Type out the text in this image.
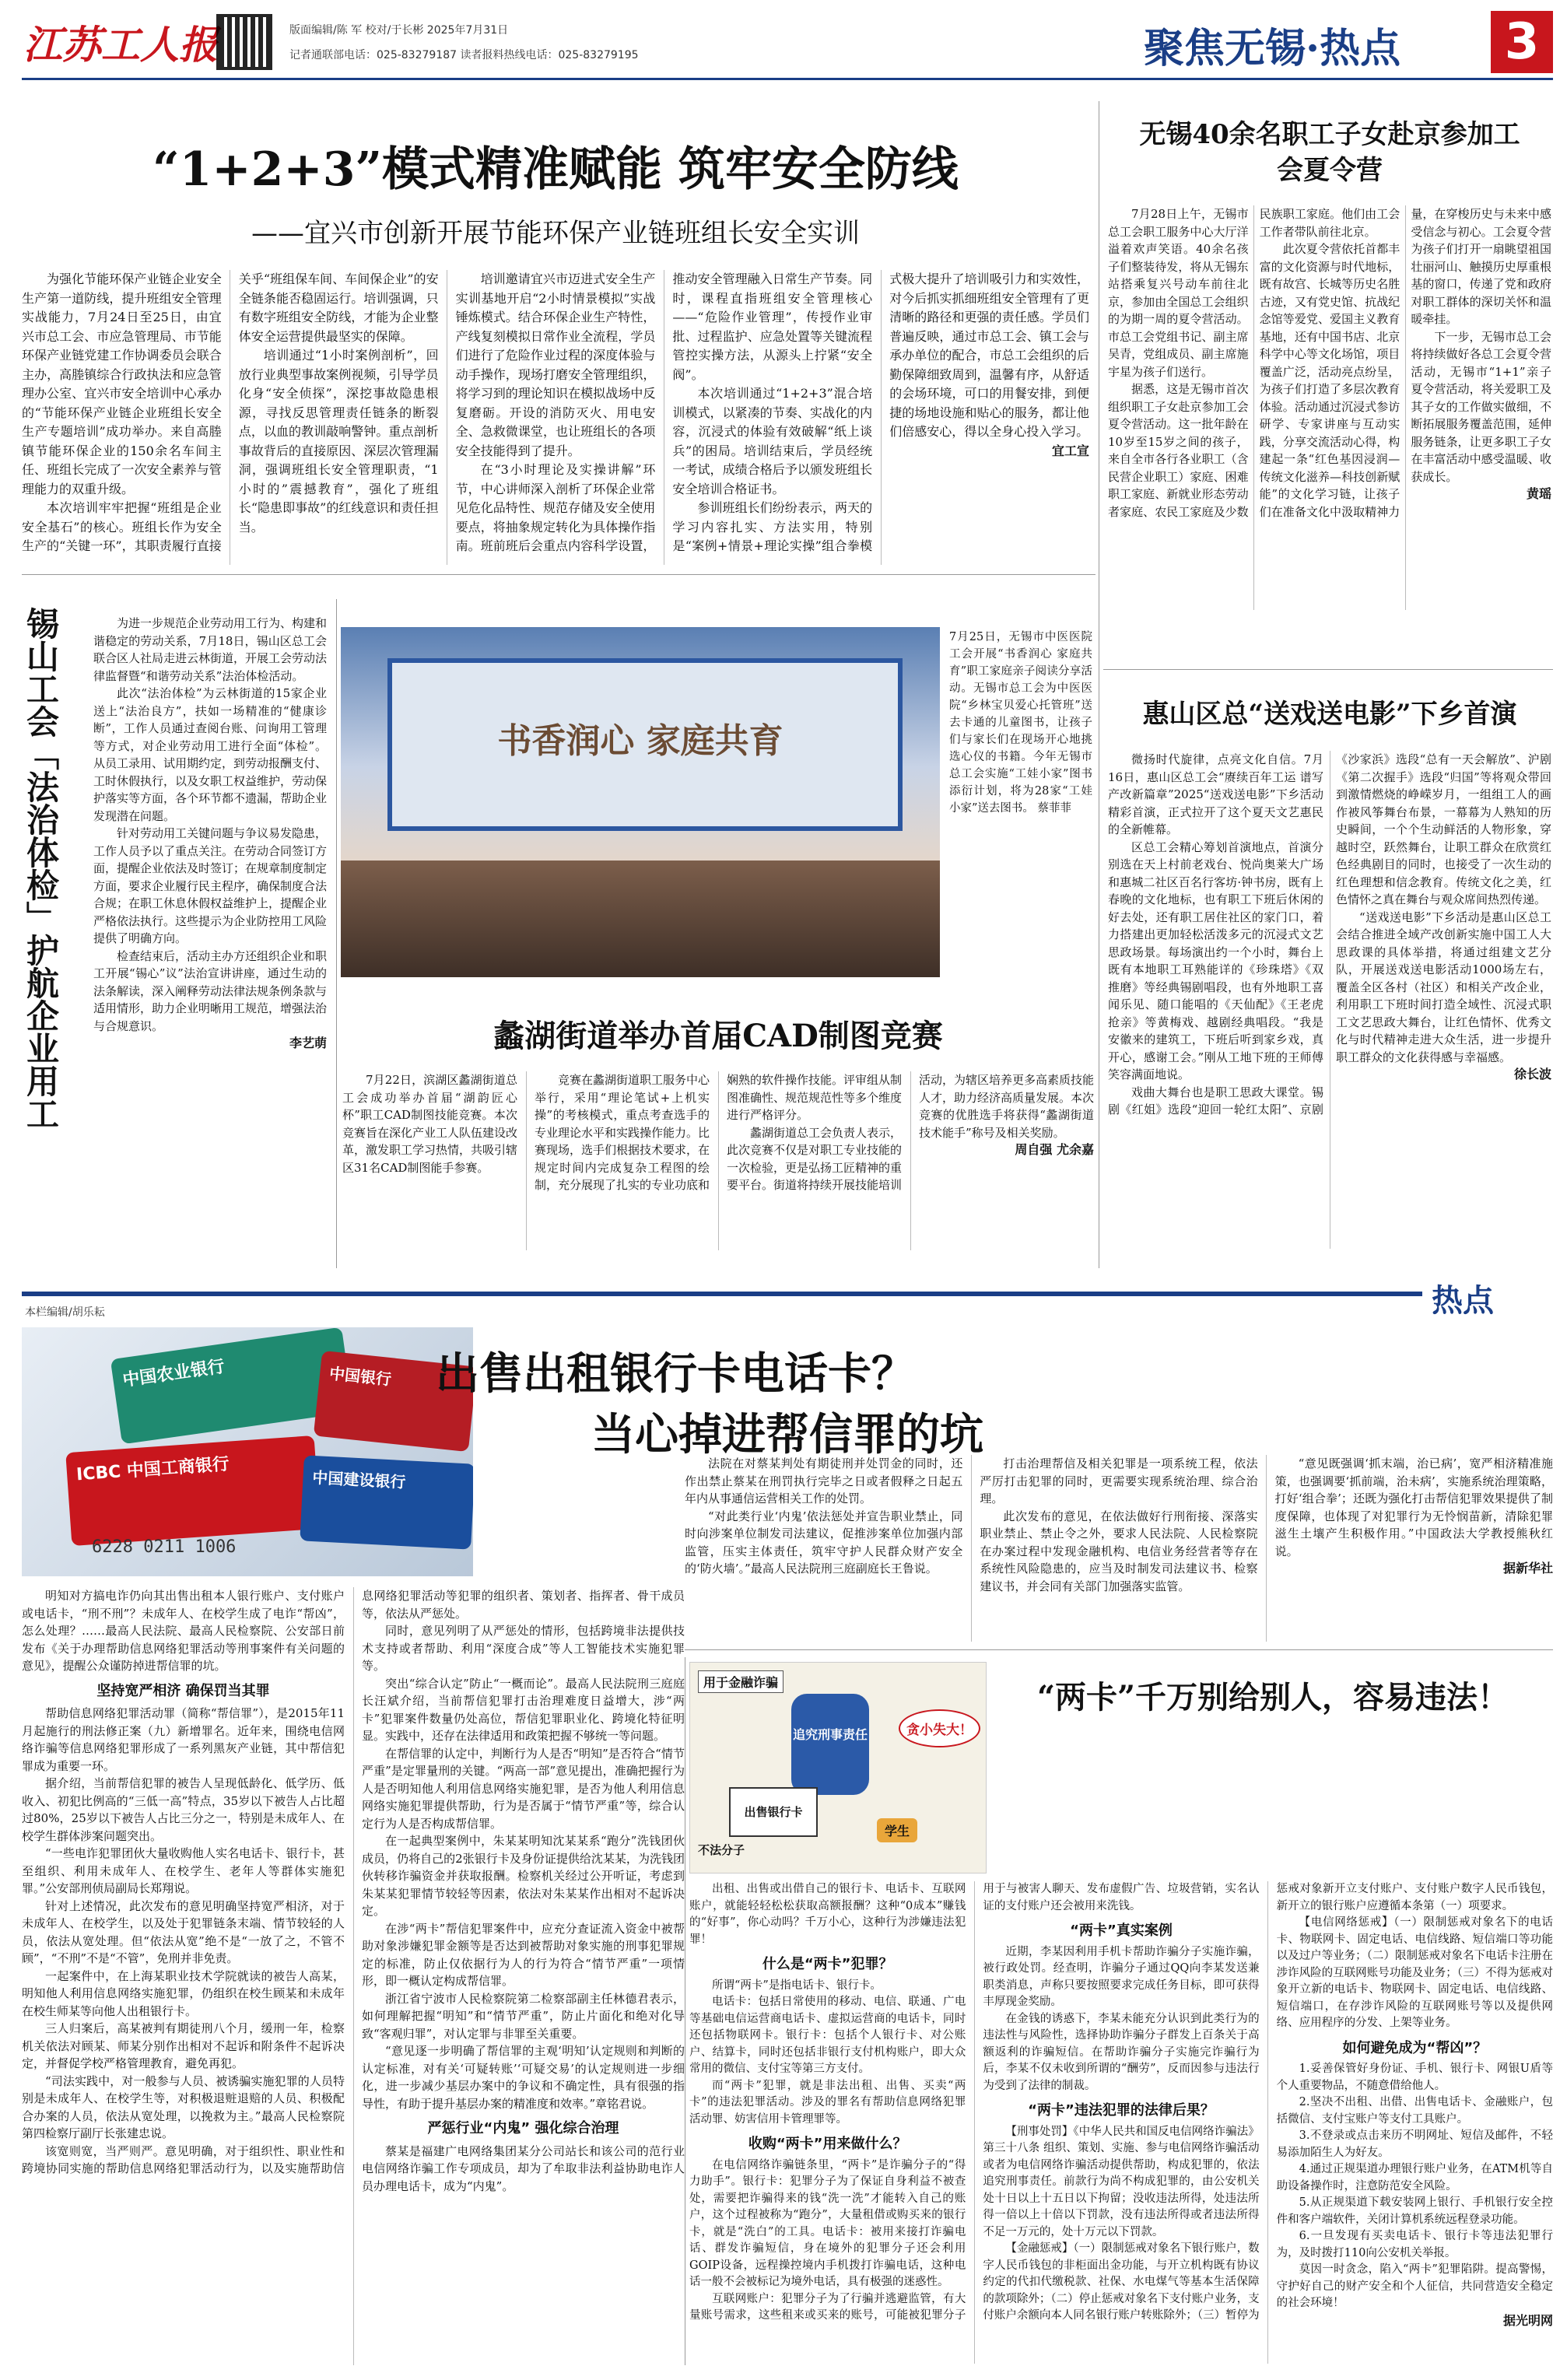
江苏工人报	版面编辑/陈 军 校对/于长彬 2025年7月31日
记者通联部电话：025-83279187 读者报料热线电话：025-83279195	聚焦无锡·热点 3
“1+2+3”模式精准赋能 筑牢安全防线
——宜兴市创新开展节能环保产业链班组长安全实训

为强化节能环保产业链企业安全生产第一道防线，提升班组安全管理实战能力，7月24日至25日，由宜兴市总工会、市应急管理局、市节能环保产业链党建工作协调委员会联合主办，高塍镇综合行政执法和应急管理办公室、宜兴市安全培训中心承办的“节能环保产业链企业班组长安全生产专题培训”成功举办。来自高塍镇节能环保企业的150余名车间主任、班组长完成了一次安全素养与管理能力的双重升级。

本次培训牢牢把握“班组是企业安全基石”的核心。班组长作为安全生产的“关键一环”，其职责履行直接关乎“班组保车间、车间保企业”的安全链条能否稳固运行。培训强调，只有数字班组安全防线，才能为企业整体安全运营提供最坚实的保障。

培训通过“1小时案例剖析”，回放行业典型事故案例视频，引导学员化身“安全侦探”，深挖事故隐患根源，寻找反思管理责任链条的断裂点，以血的教训敲响警钟。重点剖析事故背后的直接原因、深层次管理漏洞，强调班组长安全管理职责，“1小时的”震撼教育”，强化了班组长“隐患即事故”的红线意识和责任担当。

培训邀请宜兴市迈进式安全生产实训基地开启“2小时情景模拟”实战锤炼模式。结合环保企业生产特性，产线复刻模拟日常作业全流程，学员们进行了危险作业过程的深度体验与动手操作，现场打磨安全管理组织，将学习到的理论知识在模拟战场中反复磨砺。开设的消防灭火、用电安全、急救微课堂，也让班组长的各项安全技能得到了提升。

在“3小时理论及实操讲解”环节，中心讲师深入剖析了环保企业常见危化品特性、规范存储及安全使用要点，将抽象规定转化为具体操作指南。班前班后会重点内容科学设置，推动安全管理融入日常生产节奏。同时，课程直指班组安全管理核心——“危险作业管理”，传授作业审批、过程监护、应急处置等关键流程管控实操方法，从源头上拧紧“安全阀”。

本次培训通过“1+2+3”混合培训模式，以紧凑的节奏、实战化的内容，沉浸式的体验有效破解“纸上谈兵”的困局。培训结束后，学员经统一考试，成绩合格后予以颁发班组长安全培训合格证书。

参训班组长们纷纷表示，两天的学习内容扎实、方法实用，特别是“案例+情景+理论实操”组合拳模式极大提升了培训吸引力和实效性，对今后抓实抓细班组安全管理有了更清晰的路径和更强的责任感。学员们普遍反映，通过市总工会、镇工会与承办单位的配合，市总工会组织的后勤保障细致周到，温馨有序，从舒适的会场环境，可口的用餐安排，到便捷的场地设施和贴心的服务，都让他们倍感安心，得以全身心投入学习。

宜工宣
无锡40余名职工子女赴京参加工会夏令营

7月28日上午，无锡市总工会职工服务中心大厅洋溢着欢声笑语。40余名孩子们整装待发，将从无锡东站搭乘复兴号动车前往北京，参加由全国总工会组织的为期一周的夏令营活动。市总工会党组书记、副主席吴青，党组成员、副主席施宇星为孩子们送行。

据悉，这是无锡市首次组织职工子女赴京参加工会夏令营活动。这一批年龄在10岁至15岁之间的孩子，来自全市各行各业职工（含民营企业职工）家庭、困难职工家庭、新就业形态劳动者家庭、农民工家庭及少数民族职工家庭。他们由工会工作者带队前往北京。

此次夏令营依托首都丰富的文化资源与时代地标，既有故宫、长城等历史名胜古迹，又有党史馆、抗战纪念馆等爱党、爱国主义教育基地，还有中国书店、北京科学中心等文化场馆，项目覆盖广泛，活动亮点纷呈，为孩子们打造了多层次教育体验。活动通过沉浸式参访研学、专家讲座与互动实践，分享交流活动心得，构建起一条“红色基因浸润—传统文化滋养—科技创新赋能”的文化学习链，让孩子们在准备文化中汲取精神力量，在穿梭历史与未来中感受信念与初心。工会夏令营为孩子们打开一扇眺望祖国壮丽河山、触摸历史厚重根基的窗口，传递了党和政府对职工群体的深切关怀和温暖牵挂。

下一步，无锡市总工会将持续做好各总工会夏令营活动，无锡市“1+1”亲子夏令营活动，将关爱职工及其子女的工作做实做细，不断拓展服务覆盖范围，延伸服务链条，让更多职工子女在丰富活动中感受温暖、收获成长。

黄瑶
锡山工会「法治体检」护航企业用工	为进一步规范企业劳动用工行为、构建和谐稳定的劳动关系，7月18日，锡山区总工会联合区人社局走进云林街道，开展工会劳动法律监督暨“和谐劳动关系”法治体检活动。

此次“法治体检”为云林街道的15家企业送上“法治良方”，扶如一场精准的“健康诊断”，工作人员通过查阅台账、问询用工管理等方式，对企业劳动用工进行全面“体检”。从员工录用、试用期约定，到劳动报酬支付、工时休假执行，以及女职工权益维护，劳动保护落实等方面，各个环节都不遗漏，帮助企业发现潜在问题。

针对劳动用工关键问题与争议易发隐患，工作人员予以了重点关注。在劳动合同签订方面，提醒企业依法及时签订；在规章制度制定方面，要求企业履行民主程序，确保制度合法合规；在职工休息休假权益维护上，提醒企业严格依法执行。这些提示为企业防控用工风险提供了明确方向。

检查结束后，活动主办方还组织企业和职工开展“锡心”议”法治宣讲讲座，通过生动的法条解读，深入阐释劳动法律法规条例条款与适用情形，助力企业明晰用工规范，增强法治与合规意识。

李艺萌
书香润心 家庭共育
7月25日，无锡市中医医院工会开展“书香润心 家庭共育”职工家庭亲子阅读分享活动。无锡市总工会为中医医院“乡林宝贝爱心托管班”送去卡通的儿童图书，让孩子们与家长们在现场开心地挑选心仪的书籍。今年无锡市总工会实施“工娃小家”图书添衍计划，将为28家“工娃小家”送去图书。 蔡菲菲
蠡湖街道举办首届CAD制图竞赛

7月22日，滨湖区蠡湖街道总工会成功举办首届“湖韵匠心杯”职工CAD制图技能竞赛。本次竞赛旨在深化产业工人队伍建设改革，激发职工学习热情，共吸引辖区31名CAD制图能手参赛。

竞赛在蠡湖街道职工服务中心举行，采用“理论笔试+上机实操”的考核模式，重点考查选手的专业理论水平和实践操作能力。比赛现场，选手们根据技术要求，在规定时间内完成复杂工程图的绘制，充分展现了扎实的专业功底和娴熟的软件操作技能。评审组从制图准确性、规范规范性等多个维度进行严格评分。

蠡湖街道总工会负责人表示，此次竞赛不仅是对职工专业技能的一次检验，更是弘扬工匠精神的重要平台。街道将持续开展技能培训活动，为辖区培养更多高素质技能人才，助力经济高质量发展。本次竞赛的优胜选手将获得“蠡湖街道技术能手”称号及相关奖励。

周自强 尤余嘉
惠山区总“送戏送电影”下乡首演

微扬时代旋律，点亮文化自信。7月16日，惠山区总工会“赓续百年工运 谱写产改新篇章”2025“送戏送电影”下乡活动精彩首演，正式拉开了这个夏天文艺惠民的全新帷幕。

区总工会精心筹划首演地点，首演分别选在天上村前老戏台、悦尚奥莱大广场和惠城二社区百名行客坊·钟书房，既有上春晚的文化地标，也有职工下班后休闲的好去处，还有职工居住社区的家门口，着力搭建出更加轻松活泼多元的沉浸式文艺思政场景。每场演出约一个小时，舞台上既有本地职工耳熟能详的《珍珠塔》《双推磨》等经典锡剧唱段，也有外地职工喜闻乐见、随口能唱的《天仙配》《王老虎抢亲》等黄梅戏、越剧经典唱段。“我是安徽来的建筑工，下班后听到家乡戏，真开心，感谢工会。”刚从工地下班的王师傅笑容满面地说。

戏曲大舞台也是职工思政大课堂。锡剧《红姐》选段“迎回一轮红太阳”、京剧《沙家浜》选段“总有一天会解放”、沪剧《第二次握手》选段“归国”等将观众带回到激情燃烧的峥嵘岁月，一组组工人的画作被风筝舞台布景，一幕幕为人熟知的历史瞬间，一个个生动鲜活的人物形象，穿越时空，跃然舞台，让职工群众在欣赏红色经典剧目的同时，也接受了一次生动的红色理想和信念教育。传统文化之美，红色情怀之真在舞台与观众席间热烈传递。

“送戏送电影”下乡活动是惠山区总工会结合推进全域产改创新实施中国工人大思政课的具体举措，将通过组建文艺分队，开展送戏送电影活动1000场左右，覆盖全区各村（社区）和相关产改企业，利用职工下班时间打造全域性、沉浸式职工文艺思政大舞台，让红色情怀、优秀文化与时代精神走进大众生活，进一步提升职工群众的文化获得感与幸福感。

徐长波
热点
本栏编辑/胡乐耘
中国农业银行
ICBC 中国工商银行
中国银行
中国建设银行
6228 0211 1006
出售出租银行卡电话卡？
当心掉进帮信罪的坑

明知对方搞电诈仍向其出售出租本人银行账户、支付账户或电话卡，“刑不刑”？未成年人、在校学生成了电诈“帮凶”，怎么处理？……最高人民法院、最高人民检察院、公安部日前发布《关于办理帮助信息网络犯罪活动等刑事案件有关问题的意见》，提醒公众谨防掉进帮信罪的坑。

坚持宽严相济 确保罚当其罪

帮助信息网络犯罪活动罪（简称“帮信罪”），是2015年11月起施行的刑法修正案（九）新增罪名。近年来，围绕电信网络诈骗等信息网络犯罪形成了一系列黑灰产业链，其中帮信犯罪成为重要一环。

据介绍，当前帮信犯罪的被告人呈现低龄化、低学历、低收入、初犯比例高的“三低一高”特点，35岁以下被告人占比超过80%，25岁以下被告人占比三分之一，特别是未成年人、在校学生群体涉案问题突出。

“一些电诈犯罪团伙大量收购他人实名电话卡、银行卡，甚至组织、利用未成年人、在校学生、老年人等群体实施犯罪。”公安部刑侦局副局长郑翔说。

针对上述情况，此次发布的意见明确坚持宽严相济，对于未成年人、在校学生，以及处于犯罪链条末端、情节较轻的人员，依法从宽处理。但“依法从宽”绝不是“一放了之，不管不顾”，“不刑”不是“不管”，免刑并非免责。

一起案件中，在上海某职业技术学院就读的被告人高某，明知他人利用信息网络实施犯罪，仍组织在校生顾某和未成年在校生师某等向他人出租银行卡。

三人归案后，高某被判有期徒刑八个月，缓刑一年，检察机关依法对顾某、师某分别作出相对不起诉和附条件不起诉决定，并督促学校严格管理教育，避免再犯。

“司法实践中，对一般参与人员、被诱骗实施犯罪的人员特别是未成年人、在校学生等，对积极退赃退赔的人员、积极配合办案的人员，依法从宽处理，以挽救为主。”最高人民检察院第四检察厅副厅长张建忠说。

该宽则宽，当严则严。意见明确，对于组织性、职业性和跨境协同实施的帮助信息网络犯罪活动行为，以及实施帮助信息网络犯罪活动等犯罪的组织者、策划者、指挥者、骨干成员等，依法从严惩处。

同时，意见列明了从严惩处的情形，包括跨境非法提供技术支持或者帮助、利用“深度合成”等人工智能技术实施犯罪等。

突出“综合认定”防止“一概而论”。最高人民法院刑三庭庭长汪斌介绍，当前帮信犯罪打击治理难度日益增大，涉“两卡”犯罪案件数量仍处高位，帮信犯罪职业化、跨境化特征明显。实践中，还存在法律适用和政策把握不够统一等问题。

在帮信罪的认定中，判断行为人是否“明知”是否符合“情节严重”是定罪量刑的关键。“两高一部”意见提出，准确把握行为人是否明知他人利用信息网络实施犯罪，是否为他人利用信息网络实施犯罪提供帮助，行为是否属于“情节严重”等，综合认定行为人是否构成帮信罪。

在一起典型案例中，朱某某明知沈某某系“跑分”洗钱团伙成员，仍将自己的2张银行卡及身份证提供给沈某某，为洗钱团伙转移诈骗资金并获取报酬。检察机关经过公开听证，考虑到朱某某犯罪情节较轻等因素，依法对朱某某作出相对不起诉决定。

在涉“两卡”帮信犯罪案件中，应充分查证流入资金中被帮助对象涉嫌犯罪金额等是否达到被帮助对象实施的刑事犯罪规定的标准，防止仅依据行为人的行为符合“情节严重”一项情形，即一概认定构成帮信罪。

浙江省宁波市人民检察院第二检察部副主任林德君表示，如何理解把握“明知”和“情节严重”，防止片面化和绝对化导致“客观归罪”，对认定罪与非罪至关重要。

“意见逐一步明确了帮信罪的主观‘明知’认定规则和判断的认定标准，对有关‘可疑转账’‘可疑交易’的认定规则进一步细化，进一步减少基层办案中的争议和不确定性，具有很强的指导性，有助于提升基层办案的精准度和效率。”章铭君说。

严惩行业“内鬼” 强化综合治理

蔡某是福建广电网络集团某分公司站长和该公司的范行业电信网络诈骗工作专项成员，却为了牟取非法利益协助电诈人员办理电话卡，成为“内鬼”。

法院在对蔡某判处有期徒刑并处罚金的同时，还作出禁止蔡某在刑罚执行完毕之日或者假释之日起五年内从事通信运营相关工作的处罚。

“对此类行业‘内鬼’依法惩处并宣告职业禁止，同时向涉案单位制发司法建议，促推涉案单位加强内部监管，压实主体责任，筑牢守护人民群众财产安全的‘防火墙’。”最高人民法院刑三庭副庭长王鲁说。

打击治理帮信及相关犯罪是一项系统工程，依法严厉打击犯罪的同时，更需要实现系统治理、综合治理。

此次发布的意见，在依法做好行刑衔接、深落实职业禁止、禁止令之外，要求人民法院、人民检察院在办案过程中发现金融机构、电信业务经营者等存在系统性风险隐患的，应当及时制发司法建议书、检察建议书，并会同有关部门加强落实监管。

“意见既强调‘抓末端，治已病’，宽严相济精准施策，也强调要‘抓前端，治未病’，实施系统治理策略，打好‘组合拳’；还既为强化打击帮信犯罪效果提供了制度保障，也体现了对犯罪行为无怜悯苗新，清除犯罪滋生土壤产生积极作用。”中国政法大学教授熊秋红说。

据新华社
用于金融诈骗
追究刑事责任
出售银行卡
学生
不法分子
贪小失大！
“两卡”千万别给别人，容易违法！

出租、出售或出借自己的银行卡、电话卡、互联网账户，就能轻轻松松获取高额报酬？这种“0成本”赚钱的“好事”，你心动吗？千万小心，这种行为涉嫌违法犯罪！

什么是“两卡”犯罪？

所谓“两卡”是指电话卡、银行卡。

电话卡：包括日常使用的移动、电信、联通、广电等基础电信运营商电话卡、虚拟运营商的电话卡，同时还包括物联网卡。银行卡：包括个人银行卡、对公账户、结算卡，同时还包括非银行支付机构账户，即大众常用的微信、支付宝等第三方支付。

而“两卡”犯罪，就是非法出租、出售、买卖“两卡”的违法犯罪活动。涉及的罪名有帮助信息网络犯罪活动罪、妨害信用卡管理罪等。

收购“两卡”用来做什么？

在电信网络诈骗链条里，“两卡”是诈骗分子的“得力助手”。银行卡：犯罪分子为了保证自身利益不被查处，需要把诈骗得来的钱“洗一洗”才能转入自己的账户，这个过程被称为“跑分”，大量租借或购买来的银行卡，就是“洗白”的工具。电话卡：被用来接打诈骗电话、群发诈骗短信，身在境外的犯罪分子还会利用GOIP设备，远程操控境内手机拨打诈骗电话，这种电话一般不会被标记为境外电话，具有极强的迷惑性。

互联网账户：犯罪分子为了行骗并逃避监管，有大量账号需求，这些租来或买来的账号，可能被犯罪分子用于与被害人聊天、发布虚假广告、垃圾营销，实名认证的支付账户还会被用来洗钱。

“两卡”真实案例

近期，李某因利用手机卡帮助诈骗分子实施诈骗，被行政处罚。经查明，诈骗分子通过QQ向李某发送兼职类消息，声称只要按照要求完成任务目标，即可获得丰厚现金奖励。

在金钱的诱惑下，李某未能充分认识到此类行为的违法性与风险性，选择协助诈骗分子群发上百条关于高额返利的诈骗短信。在帮助诈骗分子实施完诈骗行为后，李某不仅未收到所谓的“酬劳”，反而因参与违法行为受到了法律的制裁。

“两卡”违法犯罪的法律后果？

【刑事处罚】《中华人民共和国反电信网络诈骗法》第三十八条 组织、策划、实施、参与电信网络诈骗活动或者为电信网络诈骗活动提供帮助，构成犯罪的，依法追究刑事责任。前款行为尚不构成犯罪的，由公安机关处十日以上十五日以下拘留；没收违法所得，处违法所得一倍以上十倍以下罚款，没有违法所得或者违法所得不足一万元的，处十万元以下罚款。

【金融惩戒】（一）限制惩戒对象名下银行账户，数字人民币钱包的非柜面出金功能，与开立机构既有协议约定的代扣代缴税款、社保、水电煤气等基本生活保障的款项除外；（二）停止惩戒对象名下支付账户业务，支付账户余额向本人同名银行账户转账除外；（三）暂停为惩戒对象新开立支付账户、支付账户数字人民币钱包，新开立的银行账户应遵循本条第（一）项要求。

【电信网络惩戒】（一）限制惩戒对象名下的电话卡、物联网卡、固定电话、电信线路、短信端口等功能以及过户等业务；（二）限制惩戒对象名下电话卡注册在涉诈风险的互联网账号功能及业务；（三）不得为惩戒对象开立新的电话卡、物联网卡、固定电话、电信线路、短信端口，在存涉诈风险的互联网账号等以及提供网络、应用程序的分发、上架等业务。

如何避免成为“帮凶”？

1.妥善保管好身份证、手机、银行卡、网银U盾等个人重要物品，不随意借给他人。

2.坚决不出租、出借、出售电话卡、金融账户，包括微信、支付宝账户等支付工具账户。

3.不登录或点击来历不明网址、短信及邮件，不轻易添加陌生人为好友。

4.通过正规渠道办理银行账户业务，在ATM机等自助设备操作时，注意防范安全风险。

5.从正规渠道下载安装网上银行、手机银行安全控件和客户端软件，关闭计算机系统远程登录功能。

6.一旦发现有买卖电话卡、银行卡等违法犯罪行为，及时拨打110向公安机关举报。

莫因一时贪念，陷入“两卡”犯罪陷阱。提高警惕，守护好自己的财产安全和个人征信，共同营造安全稳定的社会环境！

据光明网
